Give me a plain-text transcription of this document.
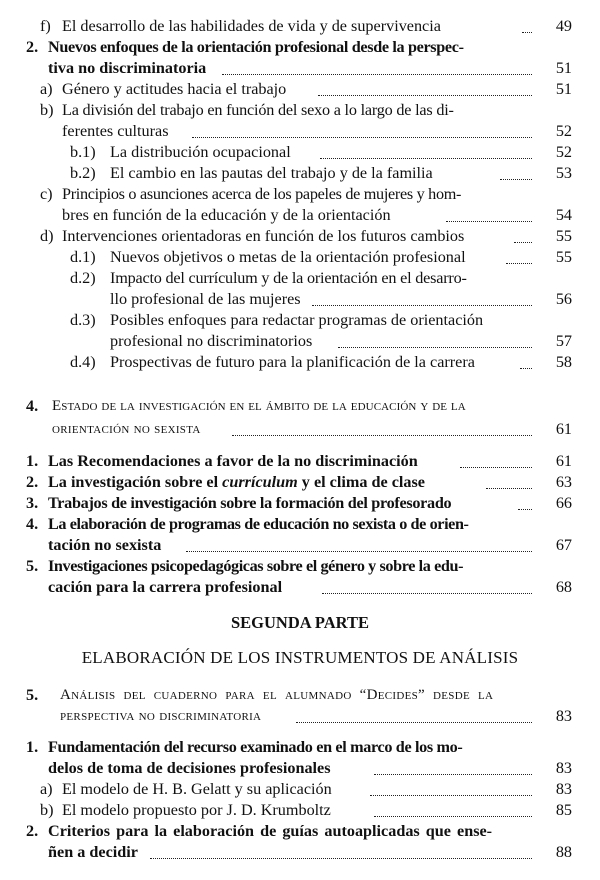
f) El desarrollo de las habilidades de vida y de supervivencia	49
2. Nuevos enfoques de la orientación profesional desde la perspec-
tiva no discriminatoria	51
a) Género y actitudes hacia el trabajo	51
b) La división del trabajo en función del sexo a lo largo de las di-
ferentes culturas	52
b.1) La distribución ocupacional	52
b.2) El cambio en las pautas del trabajo y de la familia	53
c) Principios o asunciones acerca de los papeles de mujeres y hom-
bres en función de la educación y de la orientación	54
d) Intervenciones orientadoras en función de los futuros cambios	55
d.1) Nuevos objetivos o metas de la orientación profesional	55
d.2) Impacto del currículum y de la orientación en el desarro-
llo profesional de las mujeres	56
d.3) Posibles enfoques para redactar programas de orientación
profesional no discriminatorios	57
d.4) Prospectivas de futuro para la planificación de la carrera	58
4. Estado de la investigación en el ámbito de la educación y de la
orientación no sexista	61
1. Las Recomendaciones a favor de la no discriminación	61
2. La investigación sobre el currículum y el clima de clase	63
3. Trabajos de investigación sobre la formación del profesorado	66
4. La elaboración de programas de educación no sexista o de orien-
tación no sexista	67
5. Investigaciones psicopedagógicas sobre el género y sobre la edu-
cación para la carrera profesional	68
SEGUNDA PARTE
ELABORACIÓN DE LOS INSTRUMENTOS DE ANÁLISIS
5. Análisis del cuaderno para el alumnado “Decides” desde la
perspectiva no discriminatoria	83
1. Fundamentación del recurso examinado en el marco de los mo-
delos de toma de decisiones profesionales	83
a) El modelo de H. B. Gelatt y su aplicación	83
b) El modelo propuesto por J. D. Krumboltz	85
2. Criterios para la elaboración de guías autoaplicadas que ense-
ñen a decidir	88
